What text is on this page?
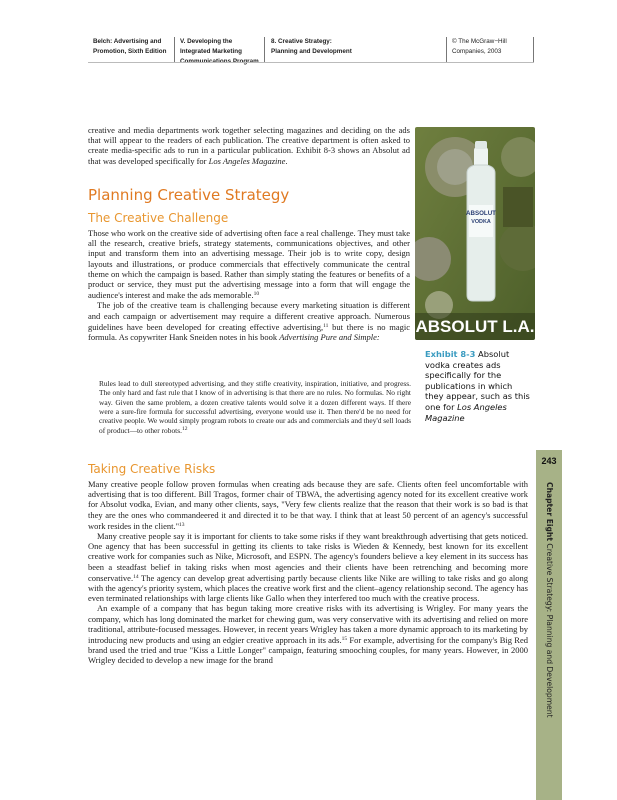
Belch: Advertising and
Promotion, Sixth Edition
V. Developing the
Integrated Marketing
8. Creative Strategy:
Planning and Development
© The McGraw−Hill
Companies, 2003

creative and media departments work together selecting magazines and deciding on the ads that will appear to the readers of each publication. The creative department is often asked to create media-specific ads to run in a particular publication. Exhibit 8-3 shows an Absolut ad that was developed specifically for Los Angeles Magazine.

Planning Creative Strategy
The Creative Challenge

Those who work on the creative side of advertising often face a real challenge. They must take all the research, creative briefs, strategy statements, communications objectives, and other input and transform them into an advertising message. Their job is to write copy, design layouts and illustrations, or produce commercials that effectively communicate the central theme on which the campaign is based. Rather than simply stating the features or benefits of a product or service, they must put the advertising message into a form that will engage the audience's interest and make the ads memorable.$^{10}$

The job of the creative team is challenging because every marketing situation is different and each campaign or advertisement may require a different creative approach. Numerous guidelines have been developed for creating effective advertising,$^{11}$ but there is no magic formula. As copywriter Hank Sneiden notes in his book Advertising Pure and Simple:

Rules lead to dull stereotyped advertising, and they stifle creativity, inspiration, initiative, and progress. The only hard and fast rule that I know of in advertising is that there are no rules. No formulas. No right way. Given the same problem, a dozen creative talents would solve it a dozen different ways. If there were a sure-fire formula for successful advertising, everyone would use it. Then there'd be no need for creative people. We would simply program robots to create our ads and commercials and they'd sell loads of product—to other robots.$^{12}$
ABSOLUT
VODKA
ABSOLUT L.A.
Exhibit 8-3 Absolut vodka creates ads specifically for the publications in which they appear, such as this one for Los Angeles Magazine
Taking Creative Risks

Many creative people follow proven formulas when creating ads because they are safe. Clients often feel uncomfortable with advertising that is too different. Bill Tragos, former chair of TBWA, the advertising agency noted for its excellent creative work for Absolut vodka, Evian, and many other clients, says, "Very few clients realize that the reason that their work is so bad is that they are the ones who commandeered it and directed it to be that way. I think that at least 50 percent of an agency's successful work resides in the client."$^{13}$

Many creative people say it is important for clients to take some risks if they want breakthrough advertising that gets noticed. One agency that has been successful in getting its clients to take risks is Wieden & Kennedy, best known for its excellent creative work for companies such as Nike, Microsoft, and ESPN. The agency's founders believe a key element in its success has been a steadfast belief in taking risks when most agencies and their clients have been retrenching and becoming more conservative.$^{14}$ The agency can develop great advertising partly because clients like Nike are willing to take risks and go along with the agency's priority system, which places the creative work first and the client–agency relationship second. The agency has even terminated relationships with large clients like Gallo when they interfered too much with the creative process.

An example of a company that has begun taking more creative risks with its advertising is Wrigley. For many years the company, which has long dominated the market for chewing gum, was very conservative with its advertising and relied on more traditional, attribute-focused messages. However, in recent years Wrigley has taken a more dynamic approach to its marketing by introducing new products and using an edgier creative approach in its ads.$^{15}$ For example, advertising for the company's Big Red brand used the tried and true "Kiss a Little Longer" campaign, featuring smooching couples, for many years. However, in 2000 Wrigley decided to develop a new image for the brand

243
Chapter Eight Creative Strategy: Planning and Development
